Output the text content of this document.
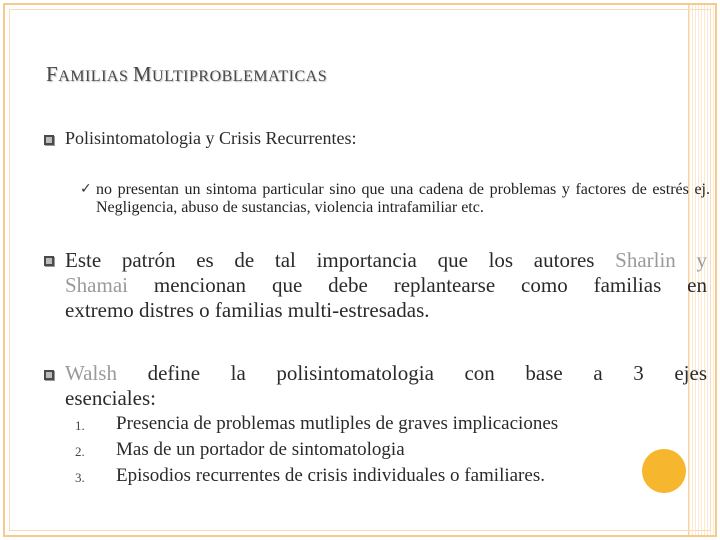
FAMILIAS MULTIPROBLEMATICAS
Polisintomatologia y Crisis Recurrentes:
✓ no presentan un sintoma particular sino que una cadena de problemas y factores de estrés ej. Negligencia, abuso de sustancias, violencia intrafamiliar etc.
Este patrón es de tal importancia que los autores Sharlin y
Shamai mencionan que debe replantearse como familias en
extremo distres o familias multi-estresadas.
Walsh define la polisintomatologia con base a 3 ejes
esenciales:
1. Presencia de problemas mutliples de graves implicaciones
2. Mas de un portador de sintomatologia
3. Episodios recurrentes de crisis individuales o familiares.
